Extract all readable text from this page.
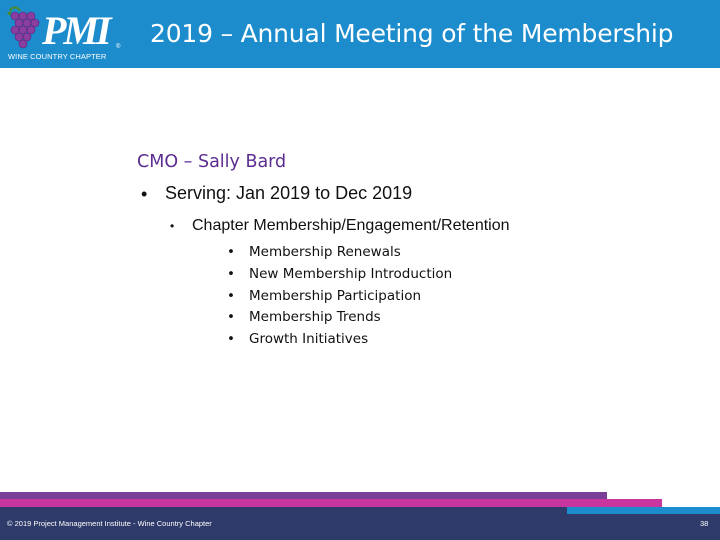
PMI	®
WINE COUNTRY CHAPTER
2019 – Annual Meeting of the Membership
CMO – Sally Bard
• Serving: Jan 2019 to Dec 2019
• Chapter Membership/Engagement/Retention
• Membership Renewals
• New Membership Introduction
• Membership Participation
• Membership Trends
• Growth Initiatives
© 2019 Project Management Institute - Wine Country Chapter	38
